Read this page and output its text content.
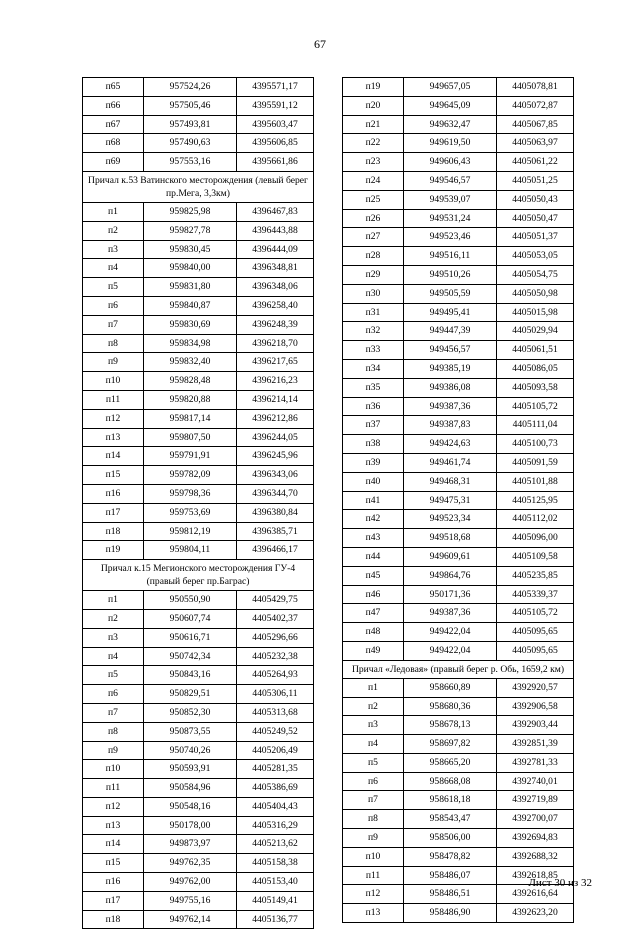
67
п65	957524,26	4395571,17
п66	957505,46	4395591,12
п67	957493,81	4395603,47
п68	957490,63	4395606,85
п69	957553,16	4395661,86
Причал к.53 Ватинского месторождения (левый берег пр.Мега, 3,3км)		
п1	959825,98	4396467,83
п2	959827,78	4396443,88
п3	959830,45	4396444,09
п4	959840,00	4396348,81
п5	959831,80	4396348,06
п6	959840,87	4396258,40
п7	959830,69	4396248,39
п8	959834,98	4396218,70
п9	959832,40	4396217,65
п10	959828,48	4396216,23
п11	959820,88	4396214,14
п12	959817,14	4396212,86
п13	959807,50	4396244,05
п14	959791,91	4396245,96
п15	959782,09	4396343,06
п16	959798,36	4396344,70
п17	959753,69	4396380,84
п18	959812,19	4396385,71
п19	959804,11	4396466,17
Причал к.15 Мегионского месторождения ГУ-4 (правый берег пр.Баграс)		
п1	950550,90	4405429,75
п2	950607,74	4405402,37
п3	950616,71	4405296,66
п4	950742,34	4405232,38
п5	950843,16	4405264,93
п6	950829,51	4405306,11
п7	950852,30	4405313,68
п8	950873,55	4405249,52
п9	950740,26	4405206,49
п10	950593,91	4405281,35
п11	950584,96	4405386,69
п12	950548,16	4405404,43
п13	950178,00	4405316,29
п14	949873,97	4405213,62
п15	949762,35	4405158,38
п16	949762,00	4405153,40
п17	949755,16	4405149,41
п18	949762,14	4405136,77
п19	949657,05	4405078,81
п20	949645,09	4405072,87
п21	949632,47	4405067,85
п22	949619,50	4405063,97
п23	949606,43	4405061,22
п24	949546,57	4405051,25
п25	949539,07	4405050,43
п26	949531,24	4405050,47
п27	949523,46	4405051,37
п28	949516,11	4405053,05
п29	949510,26	4405054,75
п30	949505,59	4405050,98
п31	949495,41	4405015,98
п32	949447,39	4405029,94
п33	949456,57	4405061,51
п34	949385,19	4405086,05
п35	949386,08	4405093,58
п36	949387,36	4405105,72
п37	949387,83	4405111,04
п38	949424,63	4405100,73
п39	949461,74	4405091,59
п40	949468,31	4405101,88
п41	949475,31	4405125,95
п42	949523,34	4405112,02
п43	949518,68	4405096,00
п44	949609,61	4405109,58
п45	949864,76	4405235,85
п46	950171,36	4405339,37
п47	949387,36	4405105,72
п48	949422,04	4405095,65
п49	949422,04	4405095,65
Причал «Ледовая» (правый берег р. Обь, 1659,2 км)		
п1	958660,89	4392920,57
п2	958680,36	4392906,58
п3	958678,13	4392903,44
п4	958697,82	4392851,39
п5	958665,20	4392781,33
п6	958668,08	4392740,01
п7	958618,18	4392719,89
п8	958543,47	4392700,07
п9	958506,00	4392694,83
п10	958478,82	4392688,32
п11	958486,07	4392618,85
п12	958486,51	4392616,64
п13	958486,90	4392623,20
Лист 30 из 32
